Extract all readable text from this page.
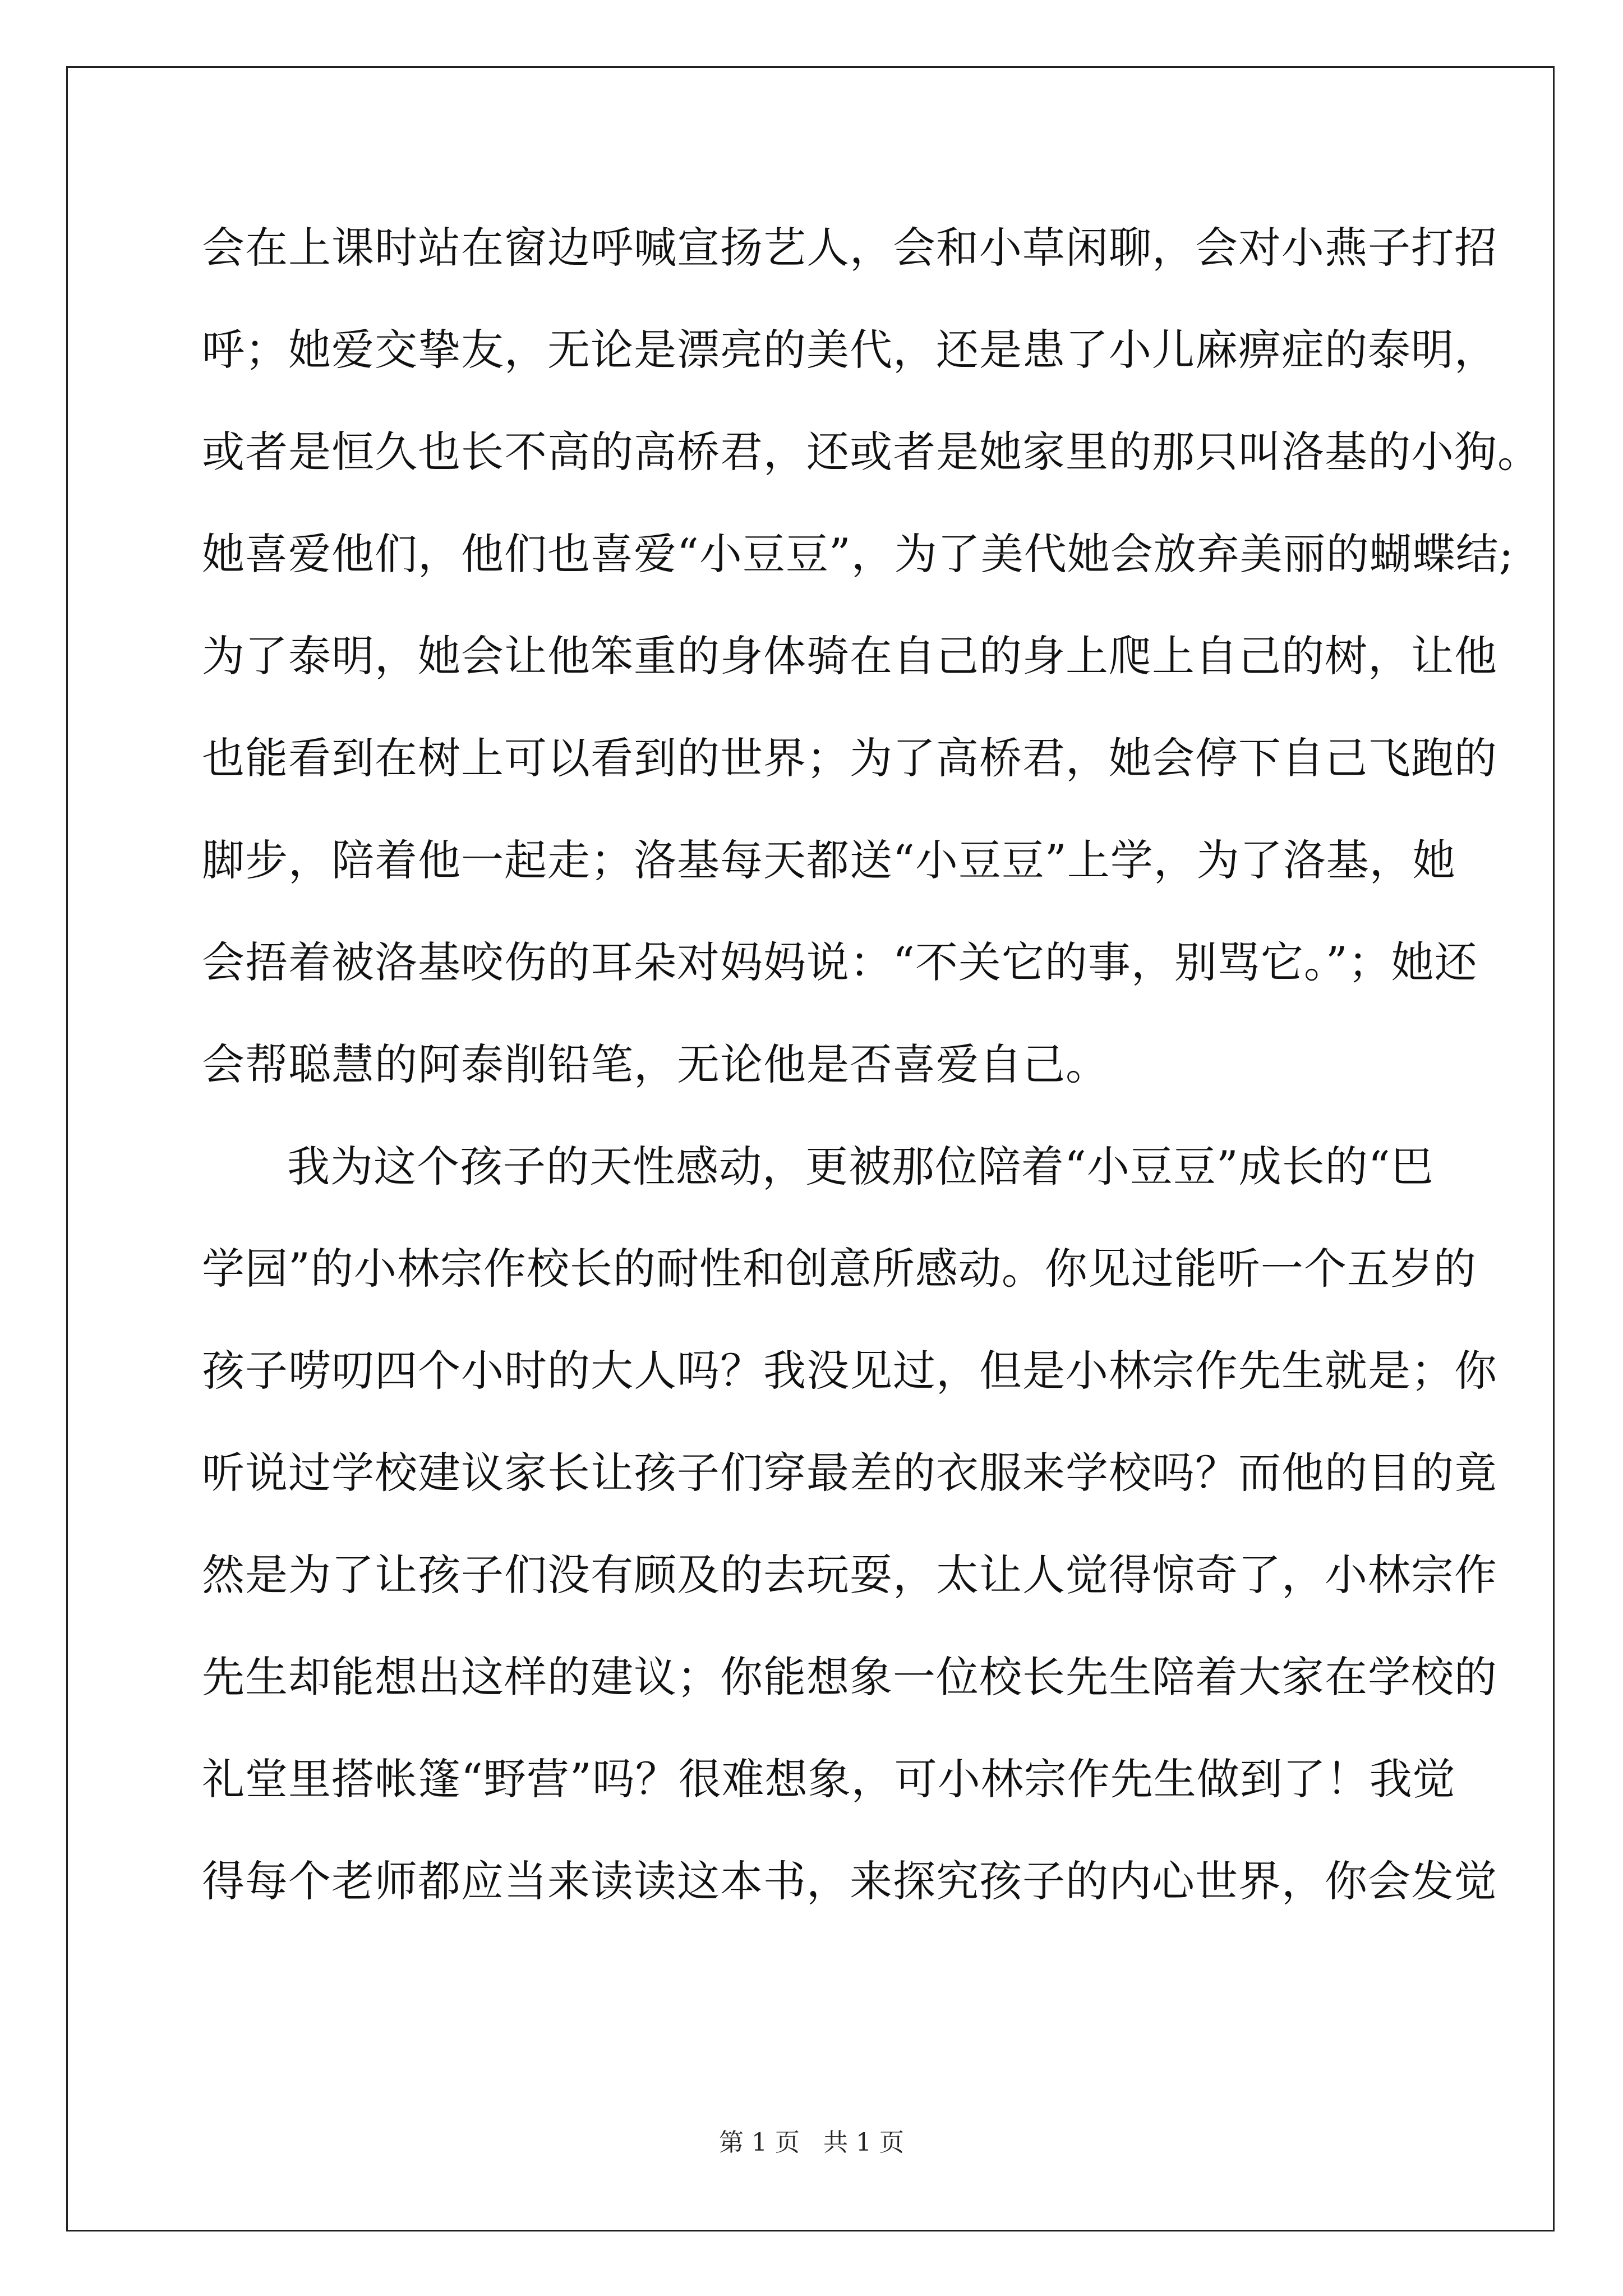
会在上课时站在窗边呼喊宣扬艺人，会和小草闲聊，会对小燕子打招
呼；她爱交挚友，无论是漂亮的美代，还是患了小儿麻痹症的泰明，
或者是恒久也长不高的高桥君，还或者是她家里的那只叫洛基的小狗。
她喜爱他们，他们也喜爱“小豆豆”，为了美代她会放弃美丽的蝴蝶结;
为了泰明，她会让他笨重的身体骑在自己的身上爬上自己的树，让他
也能看到在树上可以看到的世界；为了高桥君，她会停下自己飞跑的
脚步，陪着他一起走；洛基每天都送“小豆豆”上学，为了洛基，她
会捂着被洛基咬伤的耳朵对妈妈说：“不关它的事，别骂它。”；她还
会帮聪慧的阿泰削铅笔，无论他是否喜爱自己。
我为这个孩子的天性感动，更被那位陪着“小豆豆”成长的“巴
学园”的小林宗作校长的耐性和创意所感动。你见过能听一个五岁的
孩子唠叨四个小时的大人吗？我没见过，但是小林宗作先生就是；你
听说过学校建议家长让孩子们穿最差的衣服来学校吗？而他的目的竟
然是为了让孩子们没有顾及的去玩耍，太让人觉得惊奇了，小林宗作
先生却能想出这样的建议；你能想象一位校长先生陪着大家在学校的
礼堂里搭帐篷“野营”吗？很难想象，可小林宗作先生做到了！我觉
得每个老师都应当来读读这本书，来探究孩子的内心世界，你会发觉
第 1 页   共 1 页
